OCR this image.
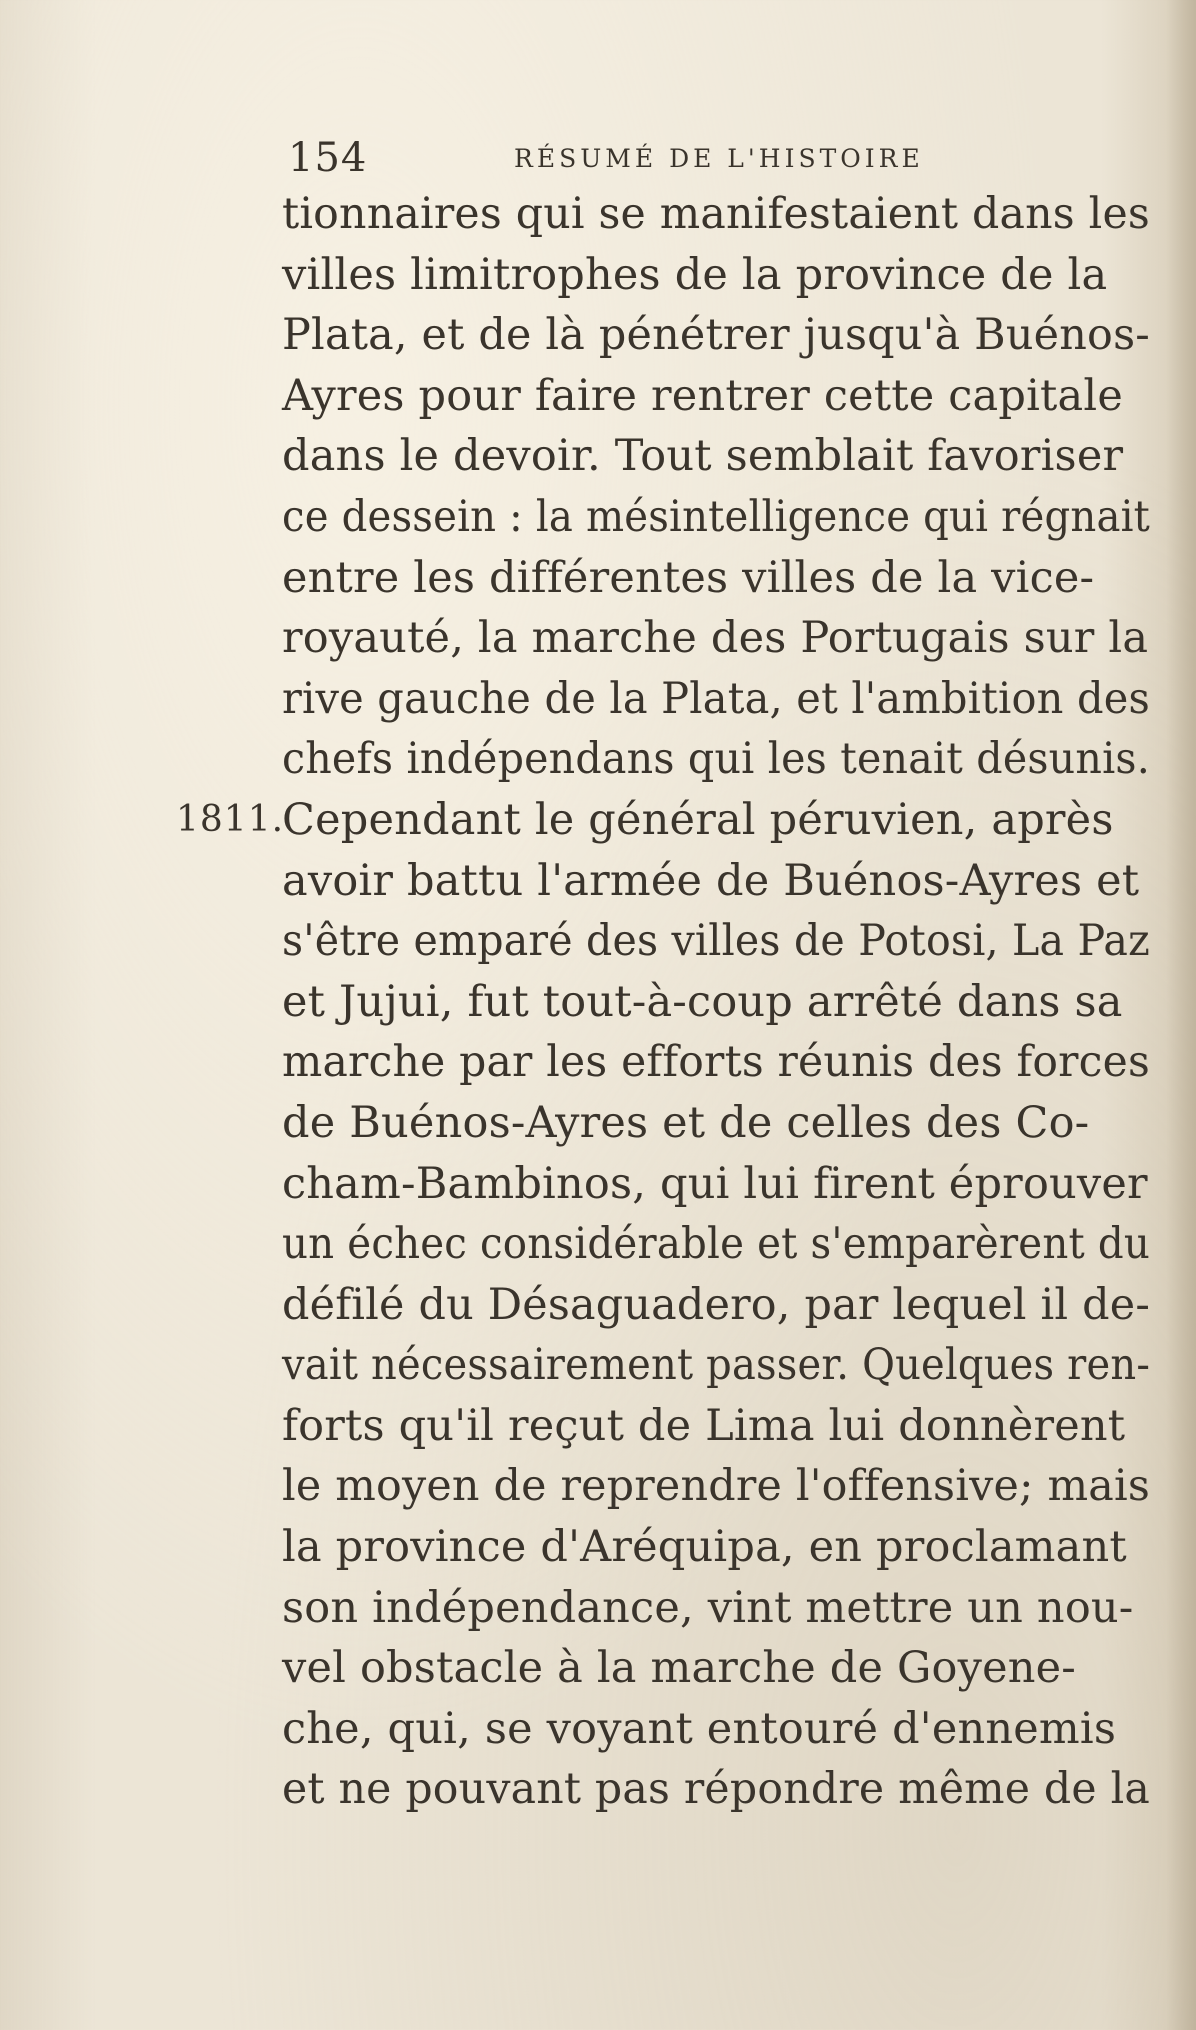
154	RÉSUMÉ DE L'HISTOIRE
tionnaires qui se manifestaient dans les
villes limitrophes de la province de la
Plata, et de là pénétrer jusqu'à Buénos-
Ayres pour faire rentrer cette capitale
dans le devoir. Tout semblait favoriser
ce dessein : la mésintelligence qui régnait
entre les différentes villes de la vice-
royauté, la marche des Portugais sur la
rive gauche de la Plata, et l'ambition des
chefs indépendans qui les tenait désunis.
1811.
Cependant le général péruvien, après
avoir battu l'armée de Buénos-Ayres et
s'être emparé des villes de Potosi, La Paz
et Jujui, fut tout-à-coup arrêté dans sa
marche par les efforts réunis des forces
de Buénos-Ayres et de celles des Co-
cham-Bambinos, qui lui firent éprouver
un échec considérable et s'emparèrent du
défilé du Désaguadero, par lequel il de-
vait nécessairement passer. Quelques ren-
forts qu'il reçut de Lima lui donnèrent
le moyen de reprendre l'offensive; mais
la province d'Aréquipa, en proclamant
son indépendance, vint mettre un nou-
vel obstacle à la marche de Goyene-
che, qui, se voyant entouré d'ennemis
et ne pouvant pas répondre même de la
